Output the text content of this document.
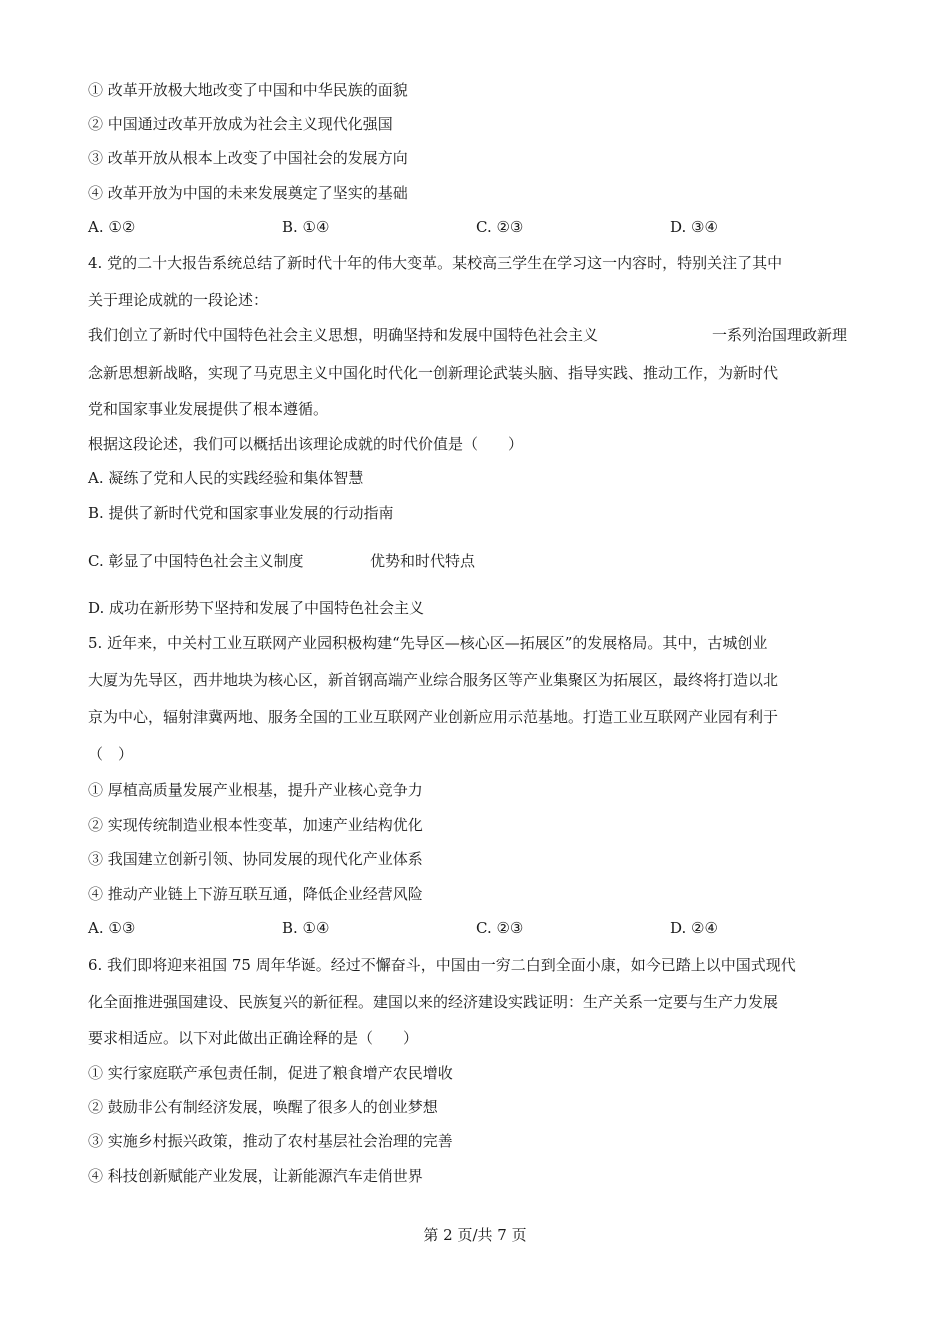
① 改革开放极大地改变了中国和中华民族的面貌
② 中国通过改革开放成为社会主义现代化强国
③ 改革开放从根本上改变了中国社会的发展方向
④ 改革开放为中国的未来发展奠定了坚实的基础
A. ①②	B. ①④	C. ②③	D. ③④
4. 党的二十大报告系统总结了新时代十年的伟大变革。某校高三学生在学习这一内容时，特别关注了其中
关于理论成就的一段论述：
我们创立了新时代中国特色社会主义思想，明确坚持和发展中国特色社会主义	一系列治国理政新理
念新思想新战略，实现了马克思主义中国化时代化一创新理论武装头脑、指导实践、推动工作，为新时代
党和国家事业发展提供了根本遵循。
根据这段论述，我们可以概括出该理论成就的时代价值是（　　）
A. 凝练了党和人民的实践经验和集体智慧
B. 提供了新时代党和国家事业发展的行动指南
C. 彰显了中国特色社会主义制度	优势和时代特点
D. 成功在新形势下坚持和发展了中国特色社会主义
5. 近年来，中关村工业互联网产业园积极构建“先导区—核心区—拓展区”的发展格局。其中，古城创业
大厦为先导区，西井地块为核心区，新首钢高端产业综合服务区等产业集聚区为拓展区，最终将打造以北
京为中心，辐射津冀两地、服务全国的工业互联网产业创新应用示范基地。打造工业互联网产业园有利于
（　）
① 厚植高质量发展产业根基，提升产业核心竞争力
② 实现传统制造业根本性变革，加速产业结构优化
③ 我国建立创新引领、协同发展的现代化产业体系
④ 推动产业链上下游互联互通，降低企业经营风险
A. ①③	B. ①④	C. ②③	D. ②④
6. 我们即将迎来祖国 75 周年华诞。经过不懈奋斗，中国由一穷二白到全面小康，如今已踏上以中国式现代
化全面推进强国建设、民族复兴的新征程。建国以来的经济建设实践证明：生产关系一定要与生产力发展
要求相适应。以下对此做出正确诠释的是（　　）
① 实行家庭联产承包责任制，促进了粮食增产农民增收
② 鼓励非公有制经济发展，唤醒了很多人的创业梦想
③ 实施乡村振兴政策，推动了农村基层社会治理的完善
④ 科技创新赋能产业发展，让新能源汽车走俏世界
第 2 页/共 7 页
